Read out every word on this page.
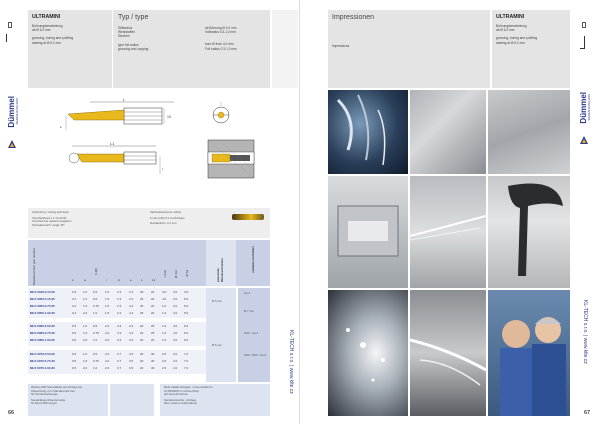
ULTRAMINI
Bohrungsbearbeitung
ab Ø 6.2 mm
grooving, boring and profiling
starting at Ø 6.2 mm
Typ / type
Stiftradius
Werkstoffen
Stechen
type full radius
grooving and copying
ab Bohrung Ø 4.0 mm
Vollradius 0.3-1.0 mm
bore Ø from 4.0 mm
Full radius 0.3-1.0 mm
Dümmel WERKZEUGTECHNIK	L
10
e
L1
t
Anbindung / cutting technique
Vorschub/feed ≥ 1 mm/0.05
Vorschub bei weiteren Angaben
Schneide/nach / angle 45°
Spitzradius/corner radius
b max (t/W) 0.1 mm/b/sharp
Rundlaufsch. 0.1 mm
Bestellnummer part number	s	a
b (Ø)
r	d	e	L	L1
t max Ø min Ø hd	passende Wendeschneider	suitable toolholder
MLS 0040.0.10-20	0.3 1.0 0.5	1.5	2.3	2.3 30	20	4.0 4.0 4.0
MLS 0050.0.15-25	0.4 1.0 0.5	1.5	2.3	2.3 25	20	4.0 4.0 5.0
MLS 0050.0.75-25	0.4 1.5 0.75 1.5	2.3	4.4 25	20	1.0 4.0 5.0
MLS 0050.1.00-25	0.4 2.0 1.0	1.5	2.3	4.4 25	20	1.0 4.0 5.0
MLS 0060.0.50-25	0.5 1.0 0.5	2.0	3.3	3.3 20	25	1.0 4.0 6.0
MLS 0060.0.75-25	0.5 1.5 0.75 2.0	3.3	3.3 20	25	1.0 4.0 6.0
MLS 0060.1.00-25	0.5 2.0 1.0	2.0	3.3	3.3 20	25	1.0 4.0 6.0
MLS 0070.0.50-30	0.5 1.0 0.5	2.0	3.7	3.5 20	30	2.5 4.0 7.0
MLS 0070.0.75-30	0.5 1.5 0.75 2.0	3.7	3.5 20	30	2.5 4.0 7.0
MLS 0070.1.00-30	0.5 2.0 1.0	2.0	3.7	3.5 20	30	2.5 4.0 7.0
Ø 5 mm
Ø 6 mm
via 4
Ø 7 mm
SHV / via 4
SHV / SHV / via 6
Weitere MW Schneidteile auf Anfrage bei
Abweichung vom Standard wie hier
für Sonderwerkzeuge.
Sonderlängen/Sondermaße
für kleine Bohrungen
Mehr details anfragen / more details for
ULTRAMINI im Online-Shop
auf www.dmmel.de
Sonderwünsche - Anfrage
über unseren Außendienst
66
KL-TECH s.r.o. | www.klte.cz
Impressionen
Impressions
ULTRAMINI
Bohrungsbearbeitung
ab Ø 6.2 mm
grooving, boring and profiling
starting at Ø 6.2 mm
Dümmel WERKZEUGTECHNIK
KL-TECH s.r.o. | www.klte.cz
67
